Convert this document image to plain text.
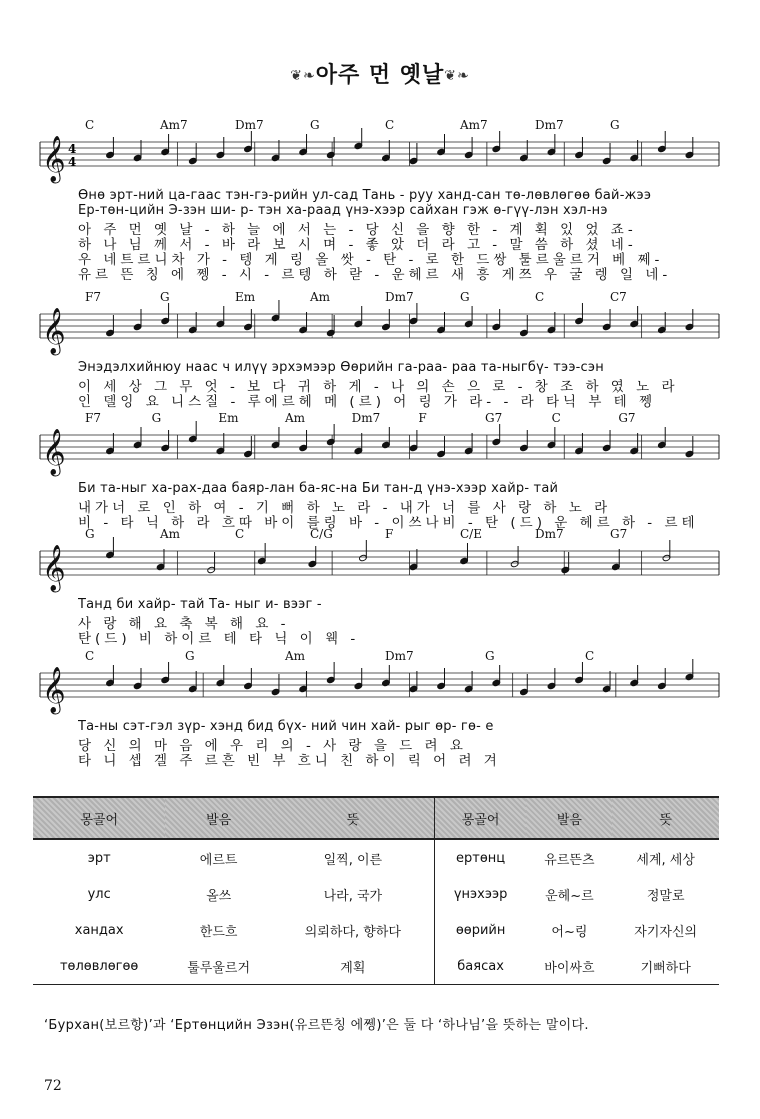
❦❧아주 먼 옛날❦❧
C	Am7	Dm7	G	C	Am7	Dm7	G
𝄞 4
4
Өнө эрт-ний ца-гаас тэн-гэ-рийн ул-сад Тань - руу ханд-сан тө-лөвлөгөө бай-жээ
Ер-төн-цийн Э-зэн ши- р- тэн ха-раад үнэ-хээр сайхан гэж ө-гүү-лэн хэл-нэ
아 주 먼 옛 날 - 하 늘 에 서 는 - 당 신 을 향 한 - 계 획 있 었 죠-
하 나 님 께 서 - 바 라 보 시 며 - 좋 았 더 라 고 - 말 씀 하 셨 네-
우 네트르니차 가 - 텡 게 링 올 쌋 - 탄 - 로 한 드쌍 툴르울르거 베 쩨-
유르 뜬 칭 에 쩽 - 시 - 르텡 하 랃 - 운헤르 새 흥 게쯔 우 굴 렝 일 네-
F7	G	Em	Am	Dm7	G	C	C7
𝄞
Энэдэлхийнюу наас ч илүү эрхэмээр Өөрийн га-раа- раа та-ныгбү- тээ-сэн
이 세 상 그 무 엇 - 보 다 귀 하 게 - 나 의 손 으 로 - 창 조 하 였 노 라
인 델잉 요 니스질 - 루에르헤 메 (르) 어 링 가 라- - 라 타닉 부 테 쩽
F7	G	Em	Am	Dm7	F	G7	C	G7
𝄞
Би та-ныг ха-рах-даа баяр-лан ба-яс-на Би тан-д үнэ-хээр хайр- тай
내가너 로 인 하 여 - 기 뻐 하 노 라 - 내가 너 를 사 랑 하 노 라
비 - 타 닉 하 라 흐따 바이 를링 바 - 이쓰나비 - 탄 (드) 운 헤르 하 - 르테
G	Am	C	C/G	F	C/E	Dm7	G7
𝄞
Танд би хайр- тай Та- ныг и- вээг -
사 랑 해 요 축 복 해 요 -
탄(드) 비 하이르 테 타 닉 이 웩 -
C	G	Am	Dm7	G	C
𝄞
Та-ны сэт-гэл зүр- хэнд бид бүх- ний чин хай- рыг өр- гө- е
당 신 의 마 음 에 우 리 의 - 사 랑 을 드 려 요
타 니 셉 겔 주 르흔 빈 부 흐니 친 하이 릭 어 려 겨
몽골어	발음	뜻	몽골어	발음	뜻
эрт	에르트	일찍, 이른	ертөнц	유르뜬츠	세계, 세상
улс	올쓰	나라, 국가	үнэхээр	운헤~르	정말로
хандах	한드흐	의뢰하다, 향하다	өөрийн	어~링	자기자신의
төлөвлөгөө	툴루울르거	계획	баясах	바이싸흐	기뻐하다
‘Бурхан(보르항)’과 ‘Ертөнцийн Эзэн(유르뜬칭 에쩽)’은 둘 다 ‘하나님’을 뜻하는 말이다.
72
